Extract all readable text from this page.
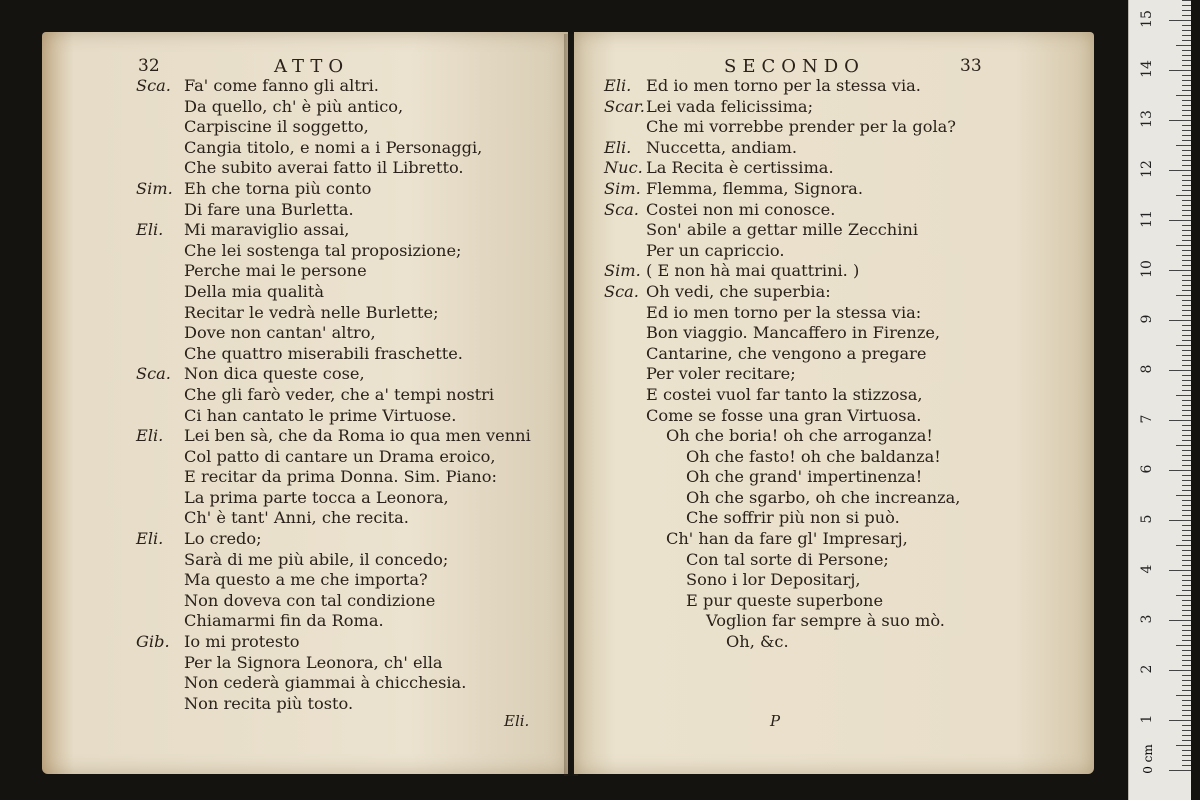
32	ATTO
Sca. Fa' come fanno gli altri.
Da quello, ch' è più antico,
Carpiscine il soggetto,
Cangia titolo, e nomi a i Personaggi,
Che subito averai fatto il Libretto.
Sim. Eh che torna più conto
Di fare una Burletta.
Eli. Mi maraviglio assai,
Che lei sostenga tal proposizione;
Perche mai le persone
Della mia qualità
Recitar le vedrà nelle Burlette;
Dove non cantan' altro,
Che quattro miserabili fraschette.
Sca. Non dica queste cose,
Che gli farò veder, che a' tempi nostri
Ci han cantato le prime Virtuose.
Eli. Lei ben sà, che da Roma io qua men venni
Col patto di cantare un Drama eroico,
E recitar da prima Donna. Sim. Piano:
La prima parte tocca a Leonora,
Ch' è tant' Anni, che recita.
Eli. Lo credo;
Sarà di me più abile, il concedo;
Ma questo a me che importa?
Non doveva con tal condizione
Chiamarmi fin da Roma.
Gib. Io mi protesto
Per la Signora Leonora, ch' ella
Non cederà giammai à chicchesia.
Non recita più tosto.
Eli.
SECONDO	33
Eli. Ed io men torno per la stessa via.
Scar. Lei vada felicissima;
Che mi vorrebbe prender per la gola?
Eli. Nuccetta, andiam.
Nuc. La Recita è certissima.
Sim. Flemma, flemma, Signora.
Sca. Costei non mi conosce.
Son' abile a gettar mille Zecchini
Per un capriccio.
Sim. ( E non hà mai quattrini. )
Sca. Oh vedi, che superbia:
Ed io men torno per la stessa via:
Bon viaggio. Mancaffero in Firenze,
Cantarine, che vengono a pregare
Per voler recitare;
E costei vuol far tanto la stizzosa,
Come se fosse una gran Virtuosa.
Oh che boria! oh che arroganza!
Oh che fasto! oh che baldanza!
Oh che grand' impertinenza!
Oh che sgarbo, oh che increanza,
Che soffrir più non si può.
Ch' han da fare gl' Impresarj,
Con tal sorte di Persone;
Sono i lor Depositarj,
E pur queste superbone
Voglion far sempre à suo mò.
Oh, &c.
P
0 cm
1
2
3
4
5
6
7
8
9
10
11
12
13
14
15
